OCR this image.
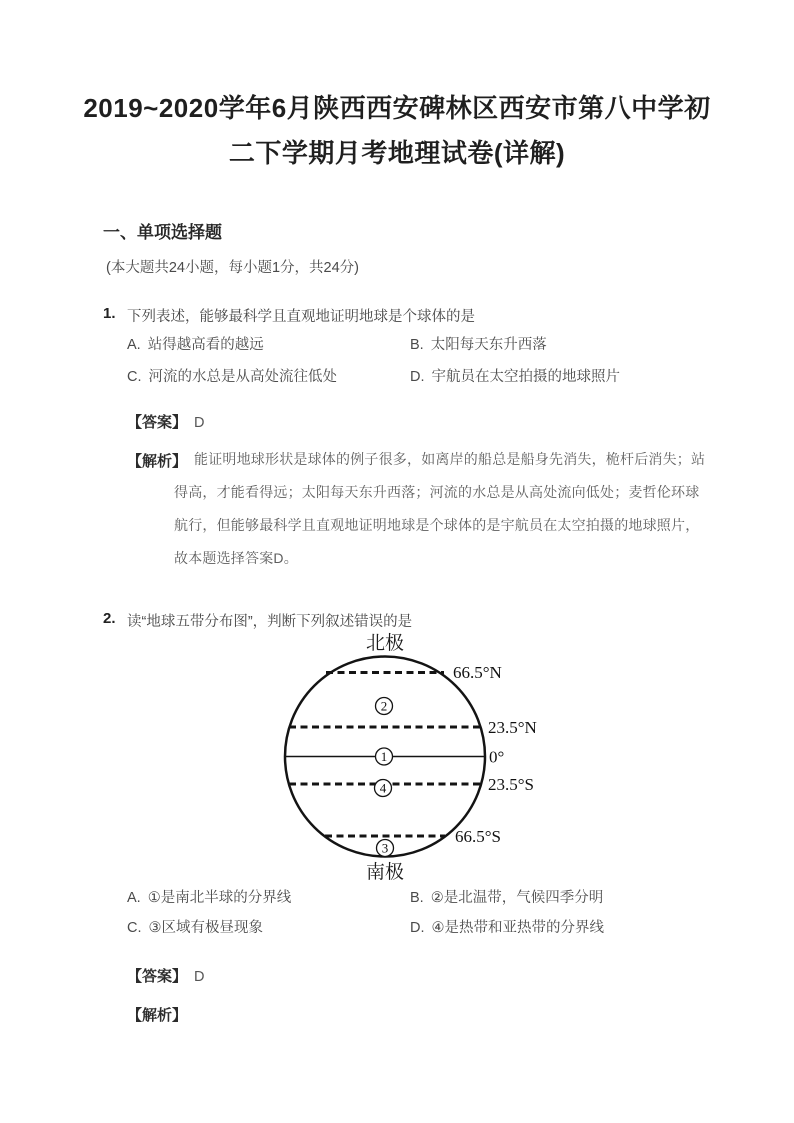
2019~2020学年6月陕西西安碑林区西安市第八中学初
二下学期月考地理试卷(详解)
一、单项选择题
(本大题共24小题，每小题1分，共24分)
1. 下列表述，能够最科学且直观地证明地球是个球体的是
A. 站得越高看的越远	B. 太阳每天东升西落
C. 河流的水总是从高处流往低处	D. 宇航员在太空拍摄的地球照片
【答案】 D
【解析】 能证明地球形状是球体的例子很多，如离岸的船总是船身先消失，桅杆后消失；站
得高，才能看得远；太阳每天东升西落；河流的水总是从高处流向低处；麦哲伦环球
航行，但能够最科学且直观地证明地球是个球体的是宇航员在太空拍摄的地球照片，
故本题选择答案D。
2. 读“地球五带分布图”，判断下列叙述错误的是
北极
66.5°N
23.5°N
0°
23.5°S
66.5°S
2
1
4
3
南极
A. ①是南北半球的分界线	B. ②是北温带，气候四季分明
C. ③区域有极昼现象	D. ④是热带和亚热带的分界线
【答案】 D
【解析】
